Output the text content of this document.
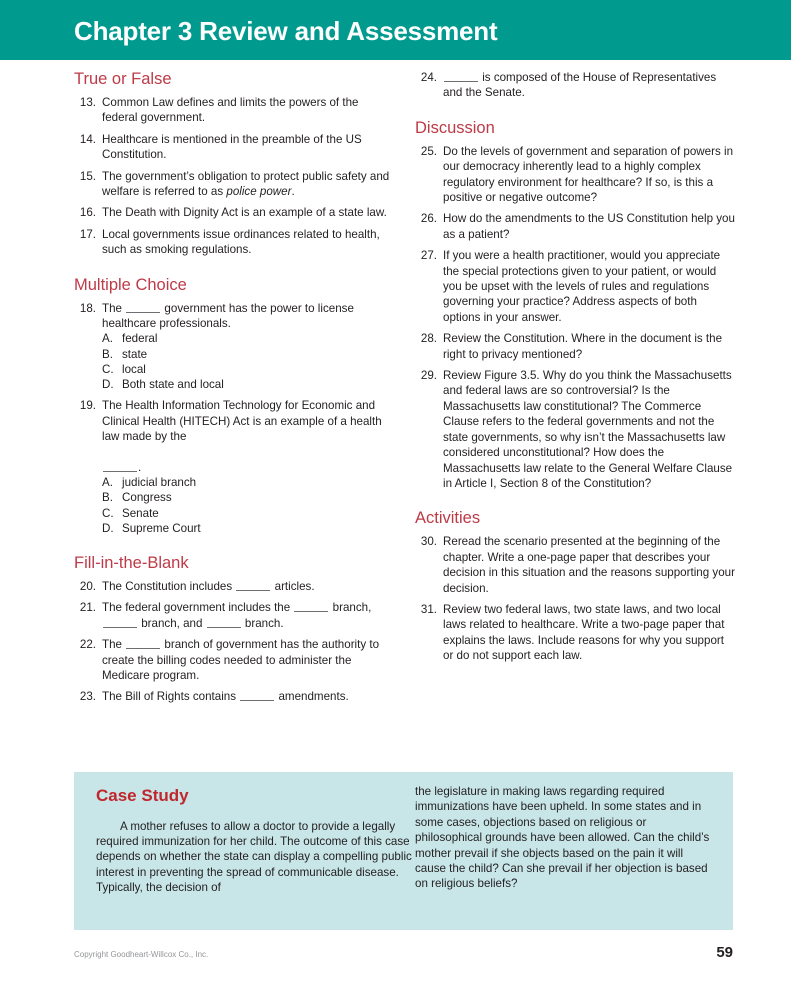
Chapter 3 Review and Assessment
True or False
13. Common Law defines and limits the powers of the federal government.
14. Healthcare is mentioned in the preamble of the US Constitution.
15. The government’s obligation to protect public safety and welfare is referred to as police power.
16. The Death with Dignity Act is an example of a state law.
17. Local governments issue ordinances related to health, such as smoking regulations.
Multiple Choice
18. The	government has the power to license healthcare professionals.
A. federal
B. state
C. local
D. Both state and local
19. The Health Information Technology for Economic and Clinical Health (HITECH) Act is an example of a health law made by the
.
A. judicial branch
B. Congress
C. Senate
D. Supreme Court
Fill-in-the-Blank
20. The Constitution includes	articles.
21. The federal government includes the	branch,  branch, and	branch.
22. The	branch of government has the authority to create the billing codes needed to administer the Medicare program.
23. The Bill of Rights contains	amendments.
24.	is composed of the House of Representatives and the Senate.
Discussion
25. Do the levels of government and separation of powers in our democracy inherently lead to a highly complex regulatory environment for healthcare? If so, is this a positive or negative outcome?
26. How do the amendments to the US Constitution help you as a patient?
27. If you were a health practitioner, would you appreciate the special protections given to your patient, or would you be upset with the levels of rules and regulations governing your practice? Address aspects of both options in your answer.
28. Review the Constitution. Where in the document is the right to privacy mentioned?
29. Review Figure 3.5. Why do you think the Massachusetts and federal laws are so controversial? Is the Massachusetts law constitutional? The Commerce Clause refers to the federal governments and not the state governments, so why isn’t the Massachusetts law considered unconstitutional? How does the Massachusetts law relate to the General Welfare Clause in Article I, Section 8 of the Constitution?
Activities
30. Reread the scenario presented at the beginning of the chapter. Write a one-page paper that describes your decision in this situation and the reasons supporting your decision.
31. Review two federal laws, two state laws, and two local laws related to healthcare. Write a two-page paper that explains the laws. Include reasons for why you support or do not support each law.
Case Study

A mother refuses to allow a doctor to provide a legally required immunization for her child. The outcome of this case depends on whether the state can display a compelling public interest in preventing the spread of communicable disease. Typically, the decision of

the legislature in making laws regarding required immunizations have been upheld. In some states and in some cases, objections based on religious or philosophical grounds have been allowed. Can the child’s mother prevail if she objects based on the pain it will cause the child? Can she prevail if her objection is based on religious beliefs?

Copyright Goodheart-Willcox Co., Inc.	59
